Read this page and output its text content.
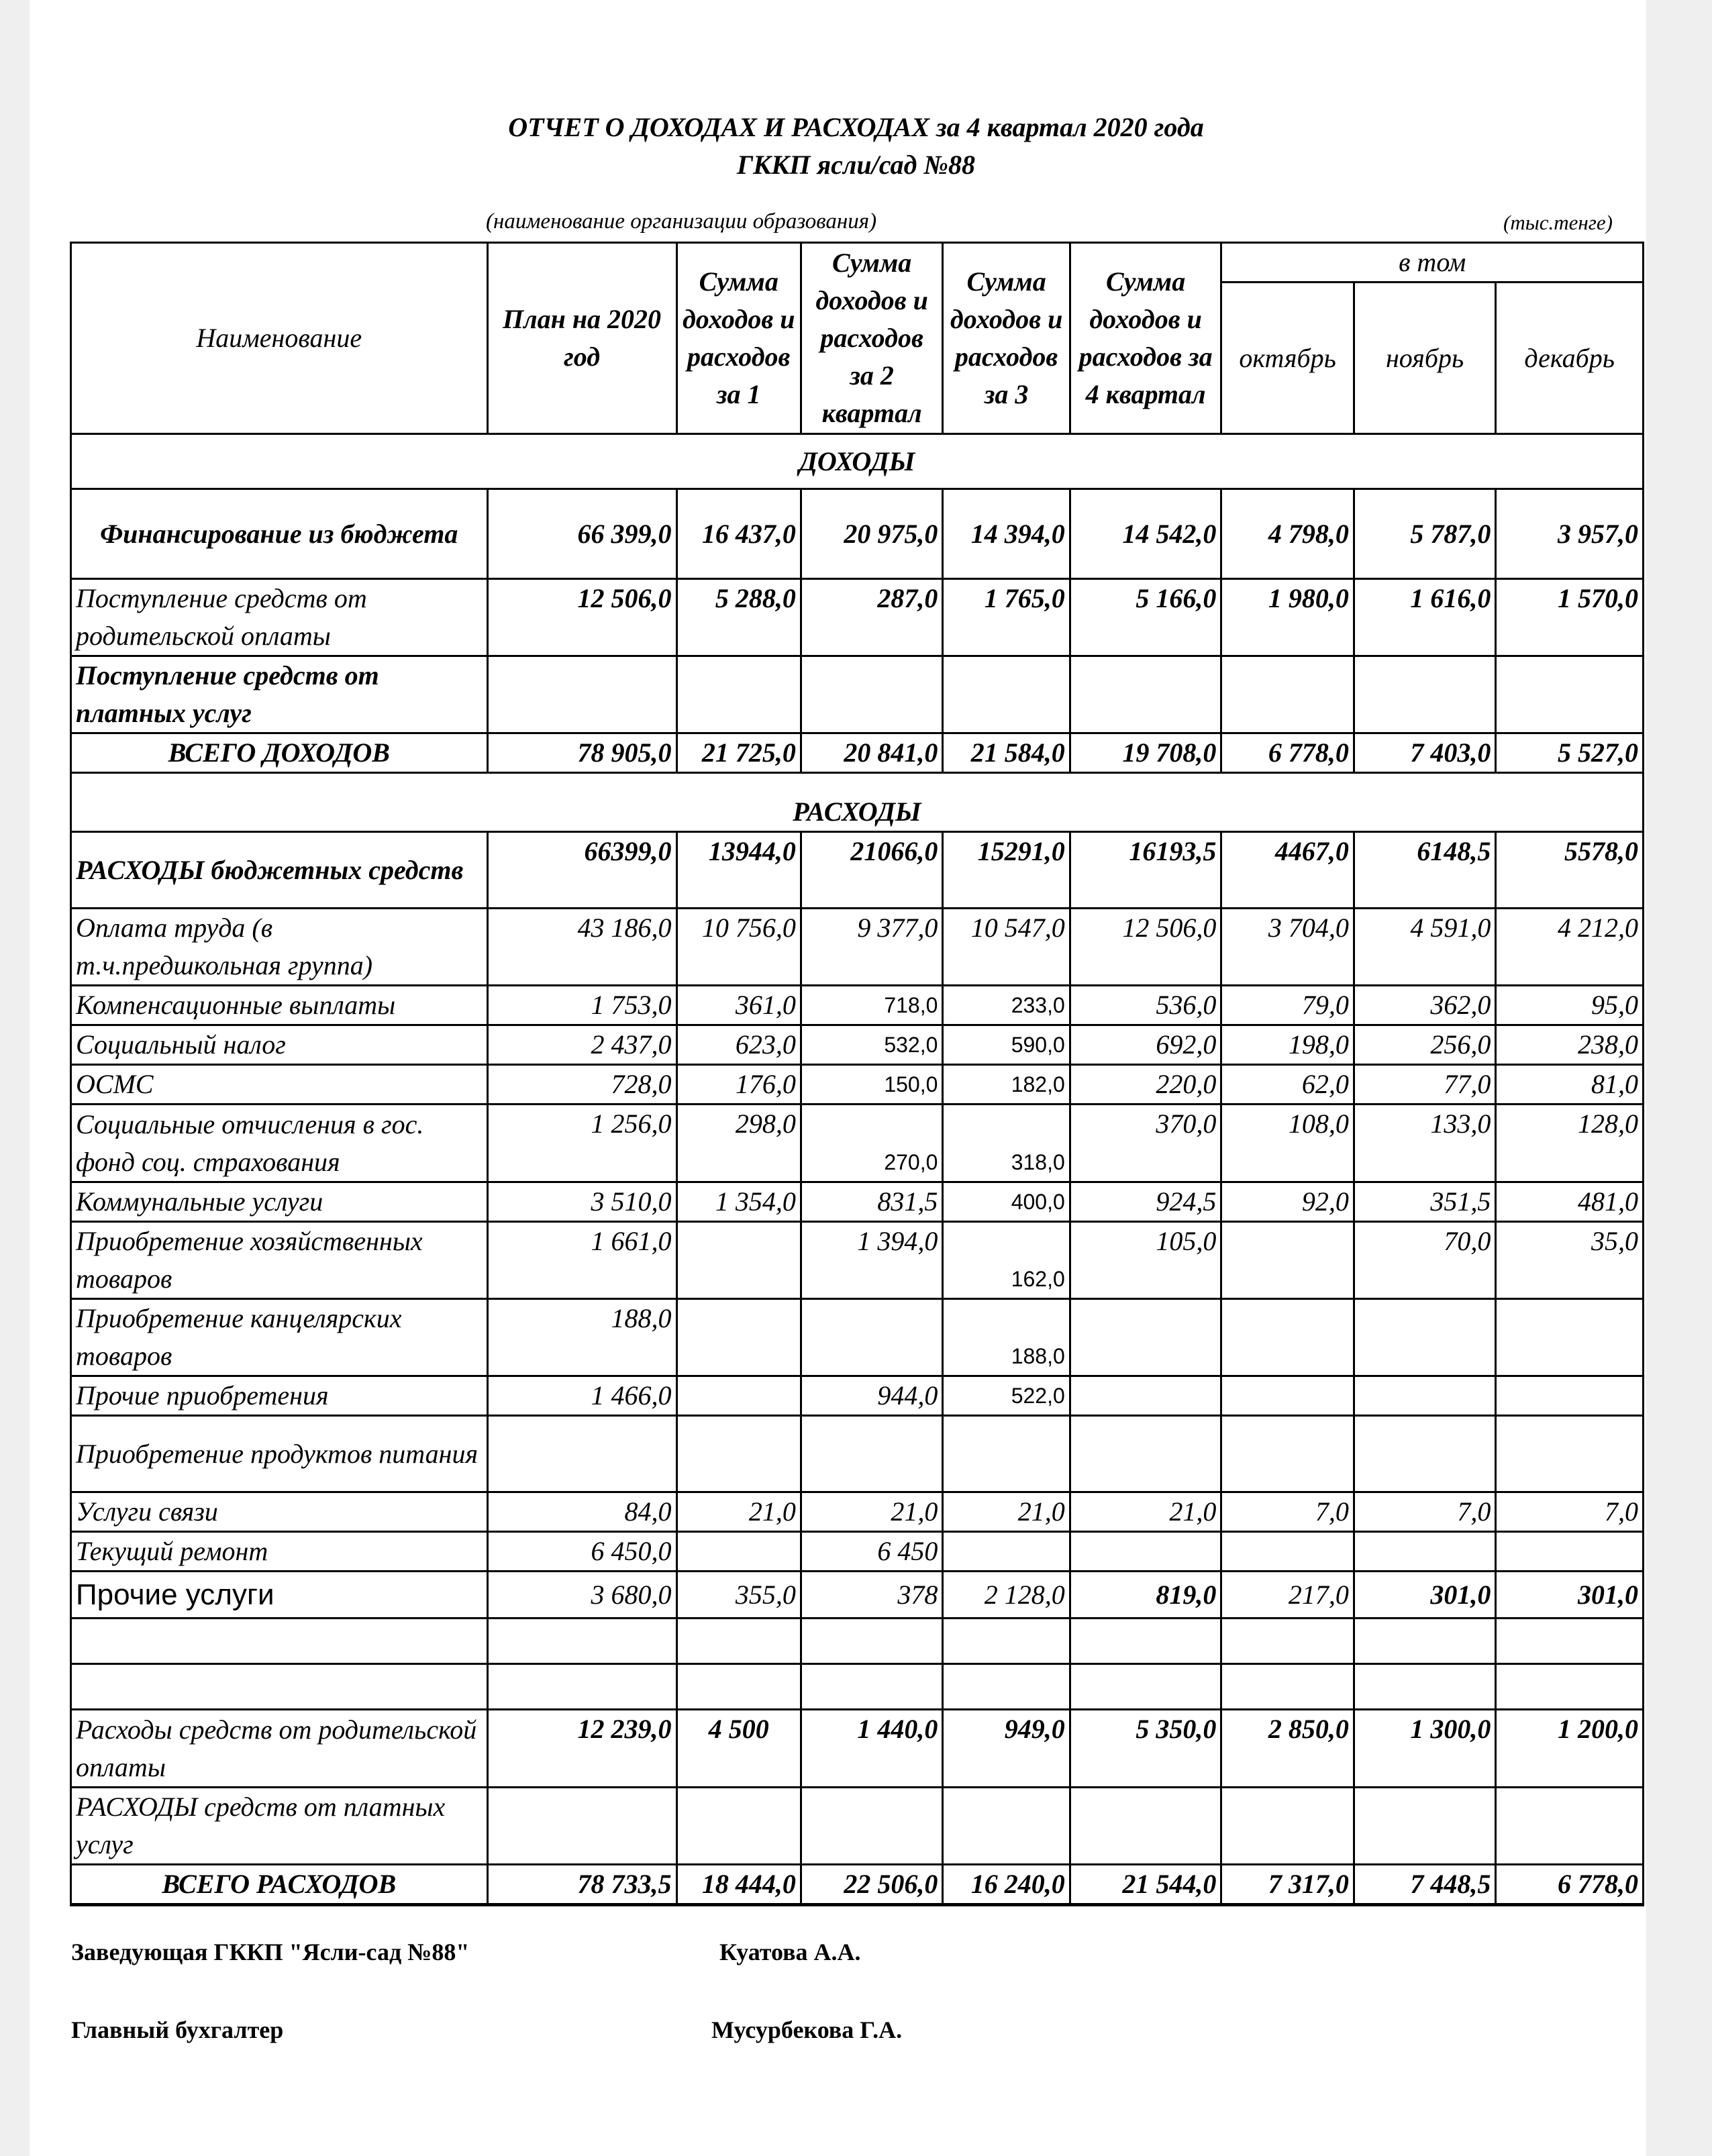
ОТЧЕТ О ДОХОДАХ И РАСХОДАХ за 4 квартал 2020 года
ГККП ясли/сад №88
(наименование организации образования)	(тыс.тенге)
Наименование	План на 2020 год	Сумма доходов и расходов за 1	Сумма доходов и расходов за 2 квартал	Сумма доходов и расходов за 3	Сумма доходов и расходов за 4 квартал	в том		
						октябрь	ноябрь	декабрь
ДОХОДЫ								
Финансирование из бюджета	66 399,0	16 437,0	20 975,0	14 394,0	14 542,0	4 798,0	5 787,0	3 957,0
Поступление средств от родительской оплаты	12 506,0	5 288,0	287,0	1 765,0	5 166,0	1 980,0	1 616,0	1 570,0
Поступление средств от платных услуг								
ВСЕГО ДОХОДОВ	78 905,0	21 725,0	20 841,0	21 584,0	19 708,0	6 778,0	7 403,0	5 527,0
РАСХОДЫ								
РАСХОДЫ бюджетных средств	66399,0	13944,0	21066,0	15291,0	16193,5	4467,0	6148,5	5578,0
Оплата труда (в т.ч.предшкольная группа)	43 186,0	10 756,0	9 377,0	10 547,0	12 506,0	3 704,0	4 591,0	4 212,0
Компенсационные выплаты	1 753,0	361,0	718,0	233,0	536,0	79,0	362,0	95,0
Социальный налог	2 437,0	623,0	532,0	590,0	692,0	198,0	256,0	238,0
ОСМС	728,0	176,0	150,0	182,0	220,0	62,0	77,0	81,0
Социальные отчисления в гос. фонд соц. страхования	1 256,0	298,0	270,0	318,0	370,0	108,0	133,0	128,0
Коммунальные услуги	3 510,0	1 354,0	831,5	400,0	924,5	92,0	351,5	481,0
Приобретение хозяйственных товаров	1 661,0		1 394,0	162,0	105,0		70,0	35,0
Приобретение канцелярских товаров	188,0			188,0				
Прочие приобретения	1 466,0		944,0	522,0				
Приобретение продуктов питания								
Услуги связи	84,0	21,0	21,0	21,0	21,0	7,0	7,0	7,0
Текущий ремонт	6 450,0		6 450					
Прочие услуги	3 680,0	355,0	378	2 128,0	819,0	217,0	301,0	301,0

Расходы средств от родительской оплаты	12 239,0	4 500	1 440,0	949,0	5 350,0	2 850,0	1 300,0	1 200,0
РАСХОДЫ средств от платных услуг								
ВСЕГО РАСХОДОВ	78 733,5	18 444,0	22 506,0	16 240,0	21 544,0	7 317,0	7 448,5	6 778,0
Заведующая ГККП "Ясли-сад №88"	Куатова А.А.
Главный бухгалтер	Мусурбекова Г.А.
